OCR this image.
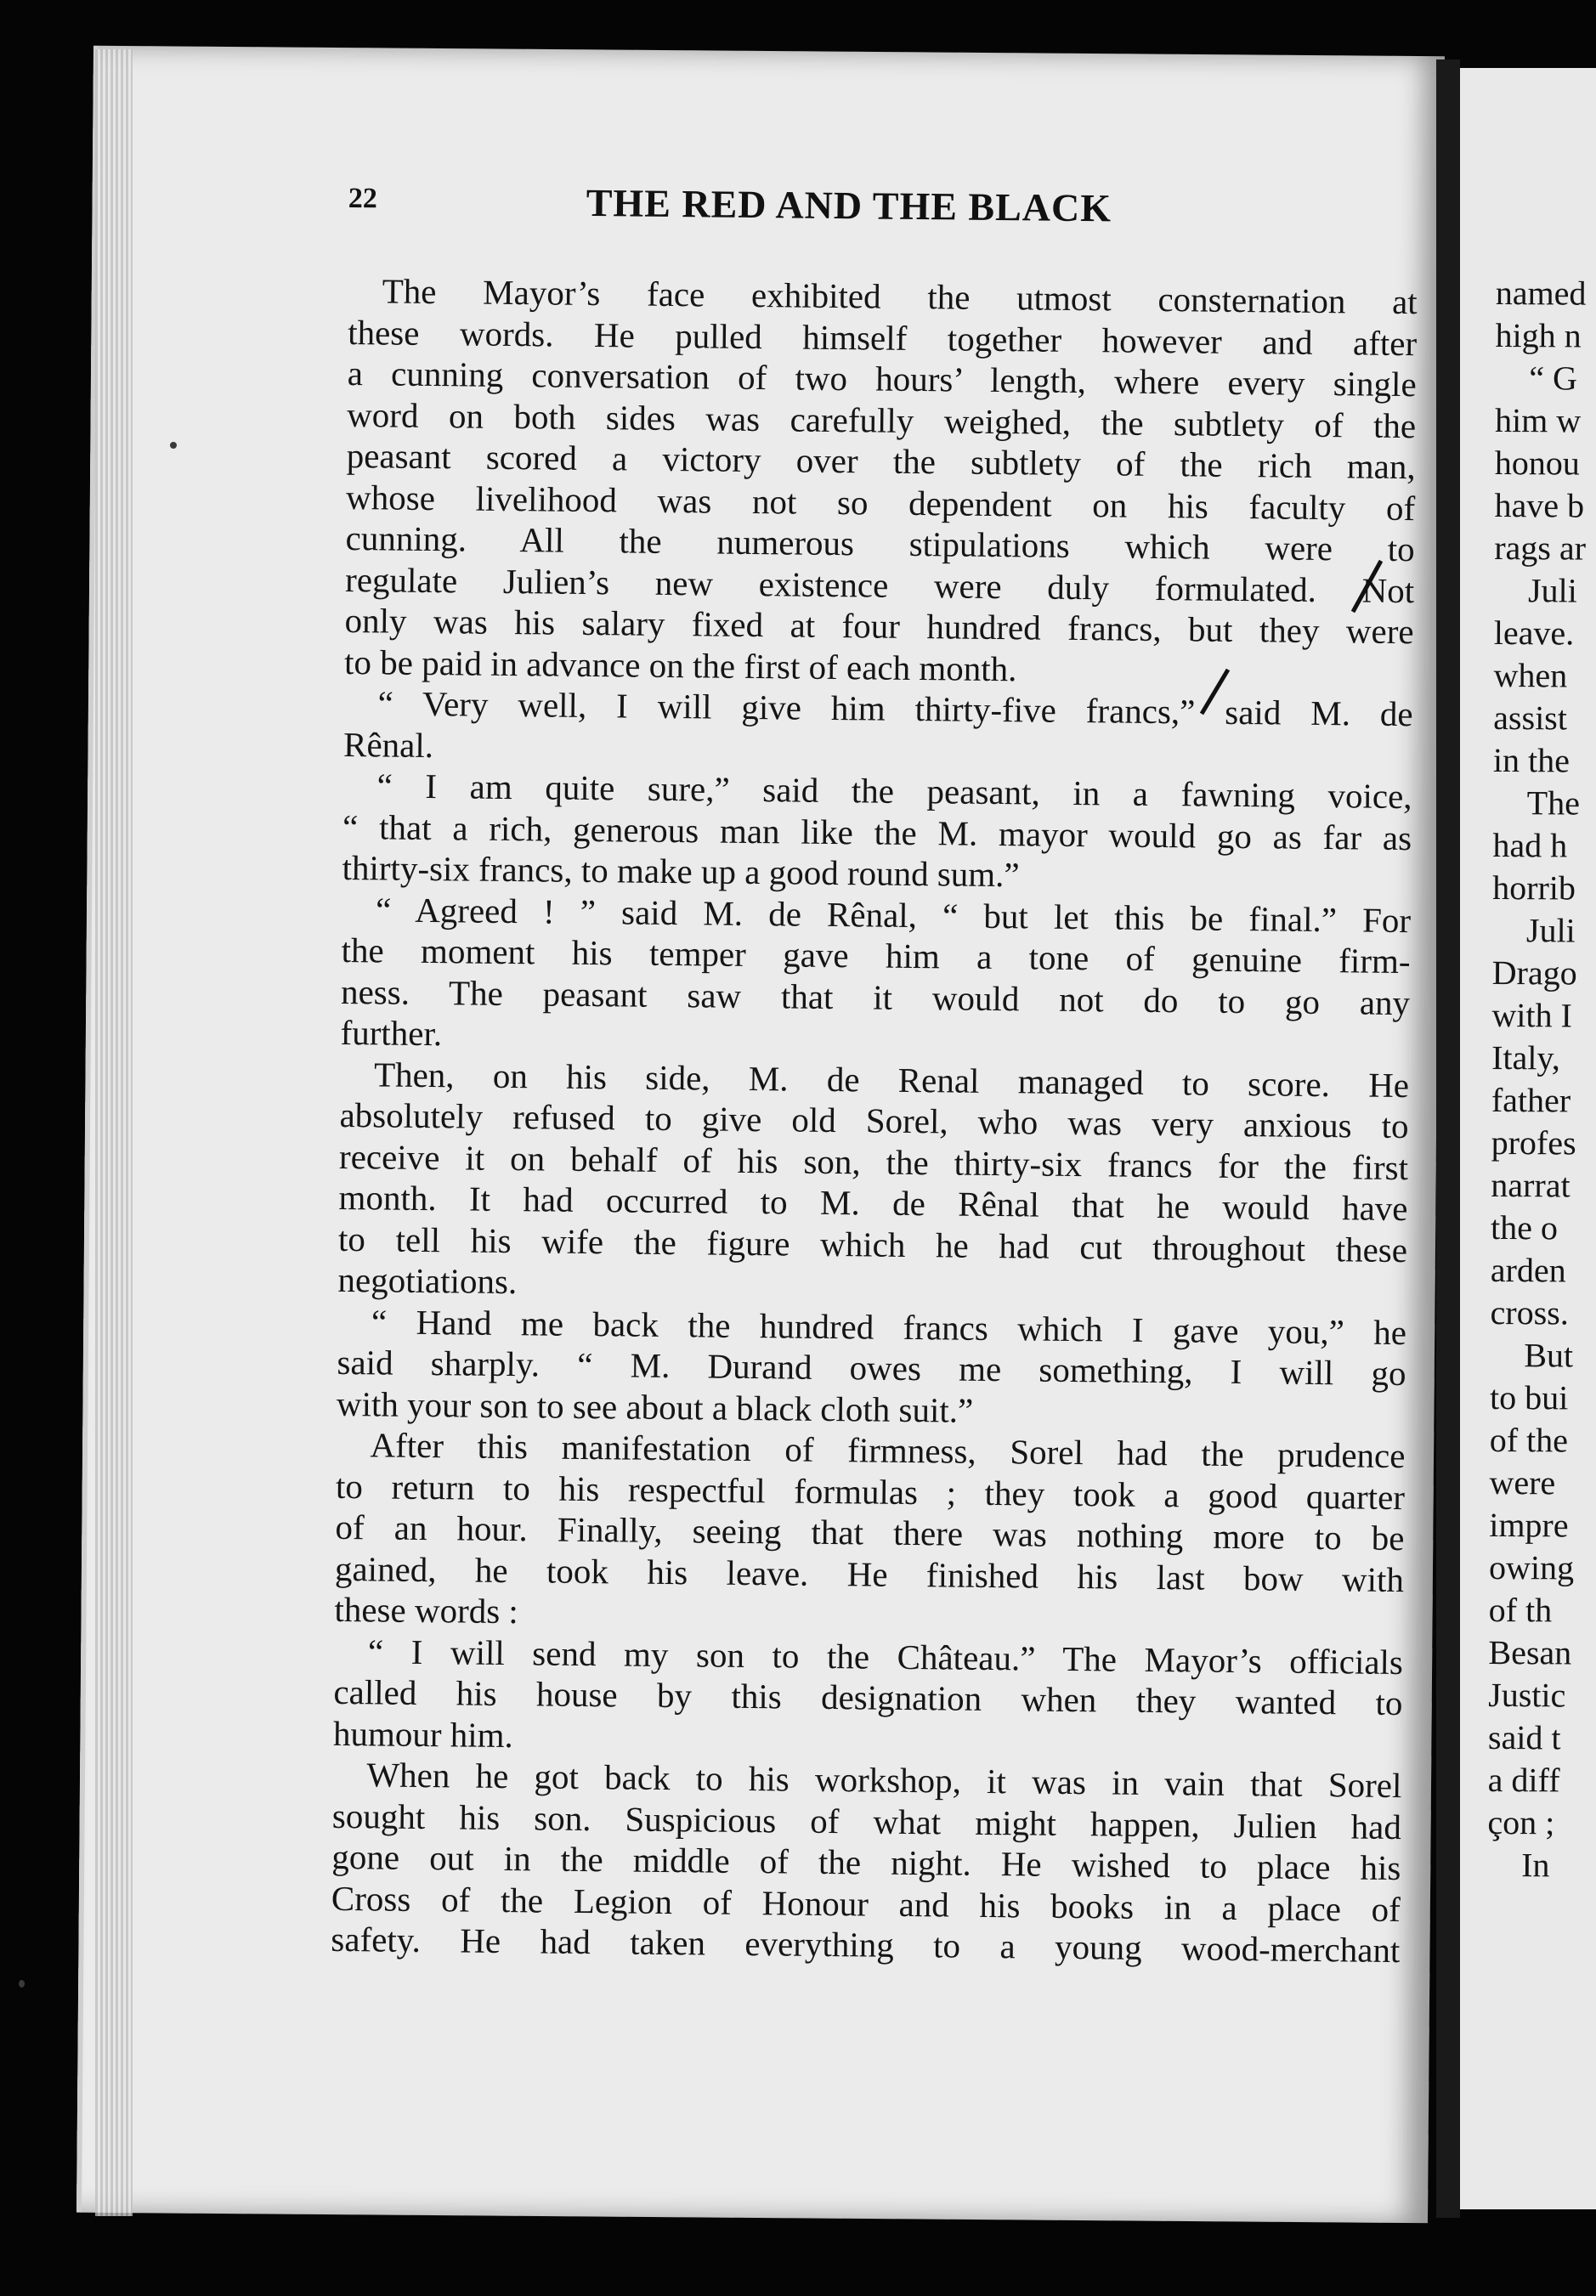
22	THE RED AND THE BLACK
The Mayor’s face exhibited the utmost consternation at
these words. He pulled himself together however and after
a cunning conversation of two hours’ length, where every single
word on both sides was carefully weighed, the subtlety of the
peasant scored a victory over the subtlety of the rich man,
whose livelihood was not so dependent on his faculty of
cunning. All the numerous stipulations which were to
regulate Julien’s new existence were duly formulated. Not
only was his salary fixed at four hundred francs, but they were
to be paid in advance on the first of each month.
“ Very well, I will give him thirty-five francs,” said M. de
Rênal.
“ I am quite sure,” said the peasant, in a fawning voice,
“ that a rich, generous man like the M. mayor would go as far as
thirty-six francs, to make up a good round sum.”
“ Agreed ! ” said M. de Rênal, “ but let this be final.” For
the moment his temper gave him a tone of genuine firm-
ness. The peasant saw that it would not do to go any
further.
Then, on his side, M. de Renal managed to score. He
absolutely refused to give old Sorel, who was very anxious to
receive it on behalf of his son, the thirty-six francs for the first
month. It had occurred to M. de Rênal that he would have
to tell his wife the figure which he had cut throughout these
negotiations.
“ Hand me back the hundred francs which I gave you,” he
said sharply. “ M. Durand owes me something, I will go
with your son to see about a black cloth suit.”
After this manifestation of firmness, Sorel had the prudence
to return to his respectful formulas ; they took a good quarter
of an hour. Finally, seeing that there was nothing more to be
gained, he took his leave. He finished his last bow with
these words :
“ I will send my son to the Château.” The Mayor’s officials
called his house by this designation when they wanted to
humour him.
When he got back to his workshop, it was in vain that Sorel
sought his son. Suspicious of what might happen, Julien had
gone out in the middle of the night. He wished to place his
Cross of the Legion of Honour and his books in a place of
safety. He had taken everything to a young wood-merchant
named
high n
“ G
him w
honou
have b
rags ar
Juli
leave.
when
assist
in the
The
had h
horrib
Juli
Drago
with I
Italy,
father
profes
narrat
the o
arden
cross.
But
to bui
of the
were
impre
owing
of th
Besan
Justic
said t
a diff
çon ;
In
